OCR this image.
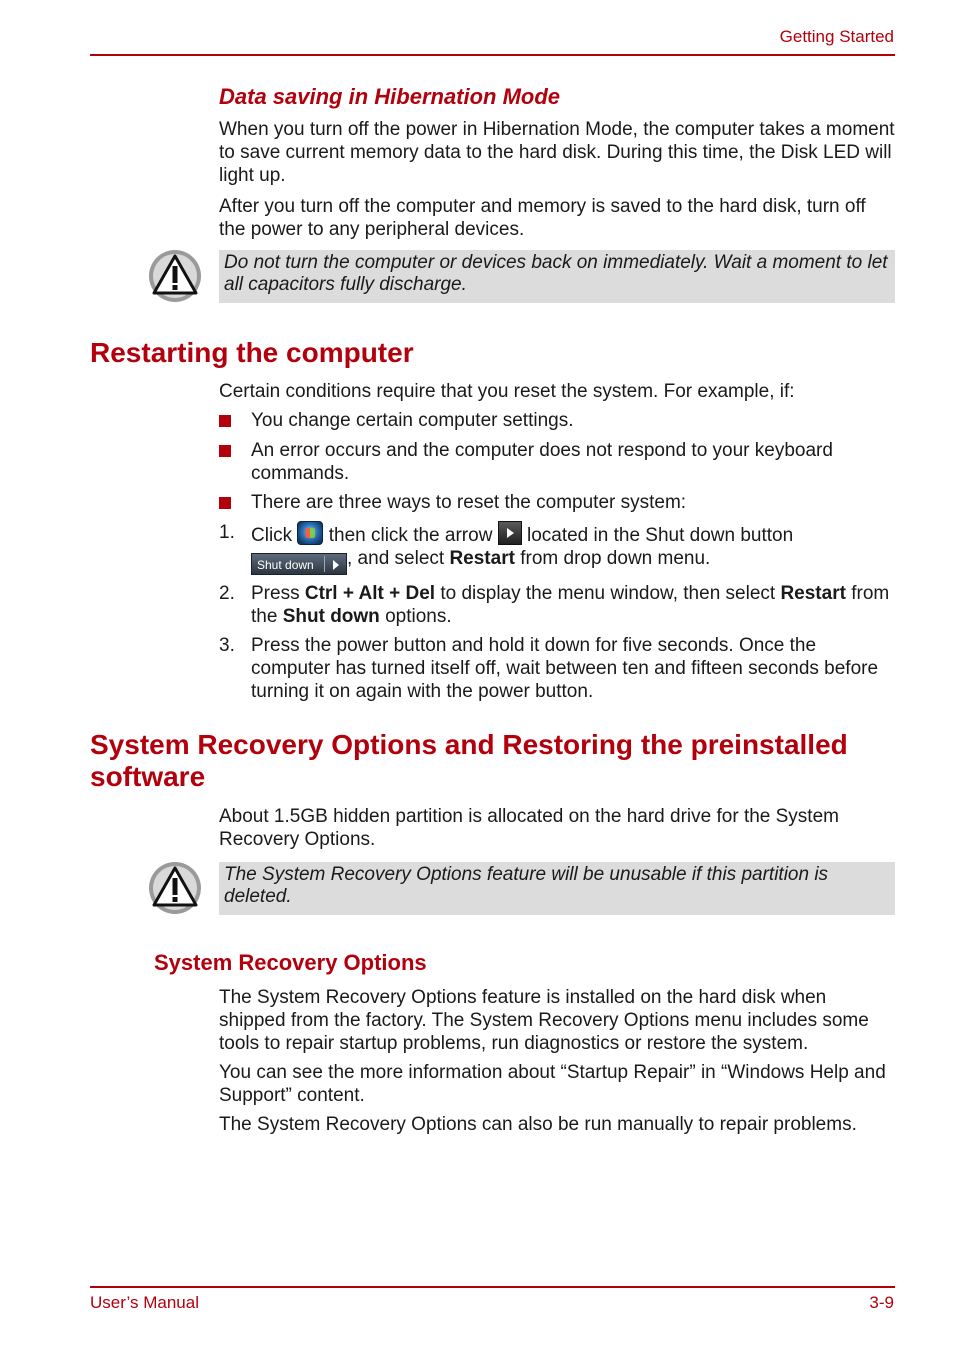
Getting Started
Data saving in Hibernation Mode

When you turn off the power in Hibernation Mode, the computer takes a moment to save current memory data to the hard disk. During this time, the Disk LED will light up.

After you turn off the computer and memory is saved to the hard disk, turn off the power to any peripheral devices.

Do not turn the computer or devices back on immediately. Wait a moment to let all capacitors fully discharge.
Restarting the computer

Certain conditions require that you reset the system. For example, if:

You change certain computer settings.
An error occurs and the computer does not respond to your keyboard commands.
There are three ways to reset the computer system:
1. Click then click the arrow located in the Shut down button
Shut down , and select Restart from drop down menu.
2. Press Ctrl + Alt + Del to display the menu window, then select Restart from the Shut down options.
3. Press the power button and hold it down for five seconds. Once the computer has turned itself off, wait between ten and fifteen seconds before turning it on again with the power button.
System Recovery Options and Restoring the preinstalled software
About 1.5GB hidden partition is allocated on the hard drive for the System Recovery Options.
The System Recovery Options feature will be unusable if this partition is deleted.
System Recovery Options

The System Recovery Options feature is installed on the hard disk when shipped from the factory. The System Recovery Options menu includes some tools to repair startup problems, run diagnostics or restore the system.

You can see the more information about “Startup Repair” in “Windows Help and Support” content.

The System Recovery Options can also be run manually to repair problems.

User’s Manual	3-9
